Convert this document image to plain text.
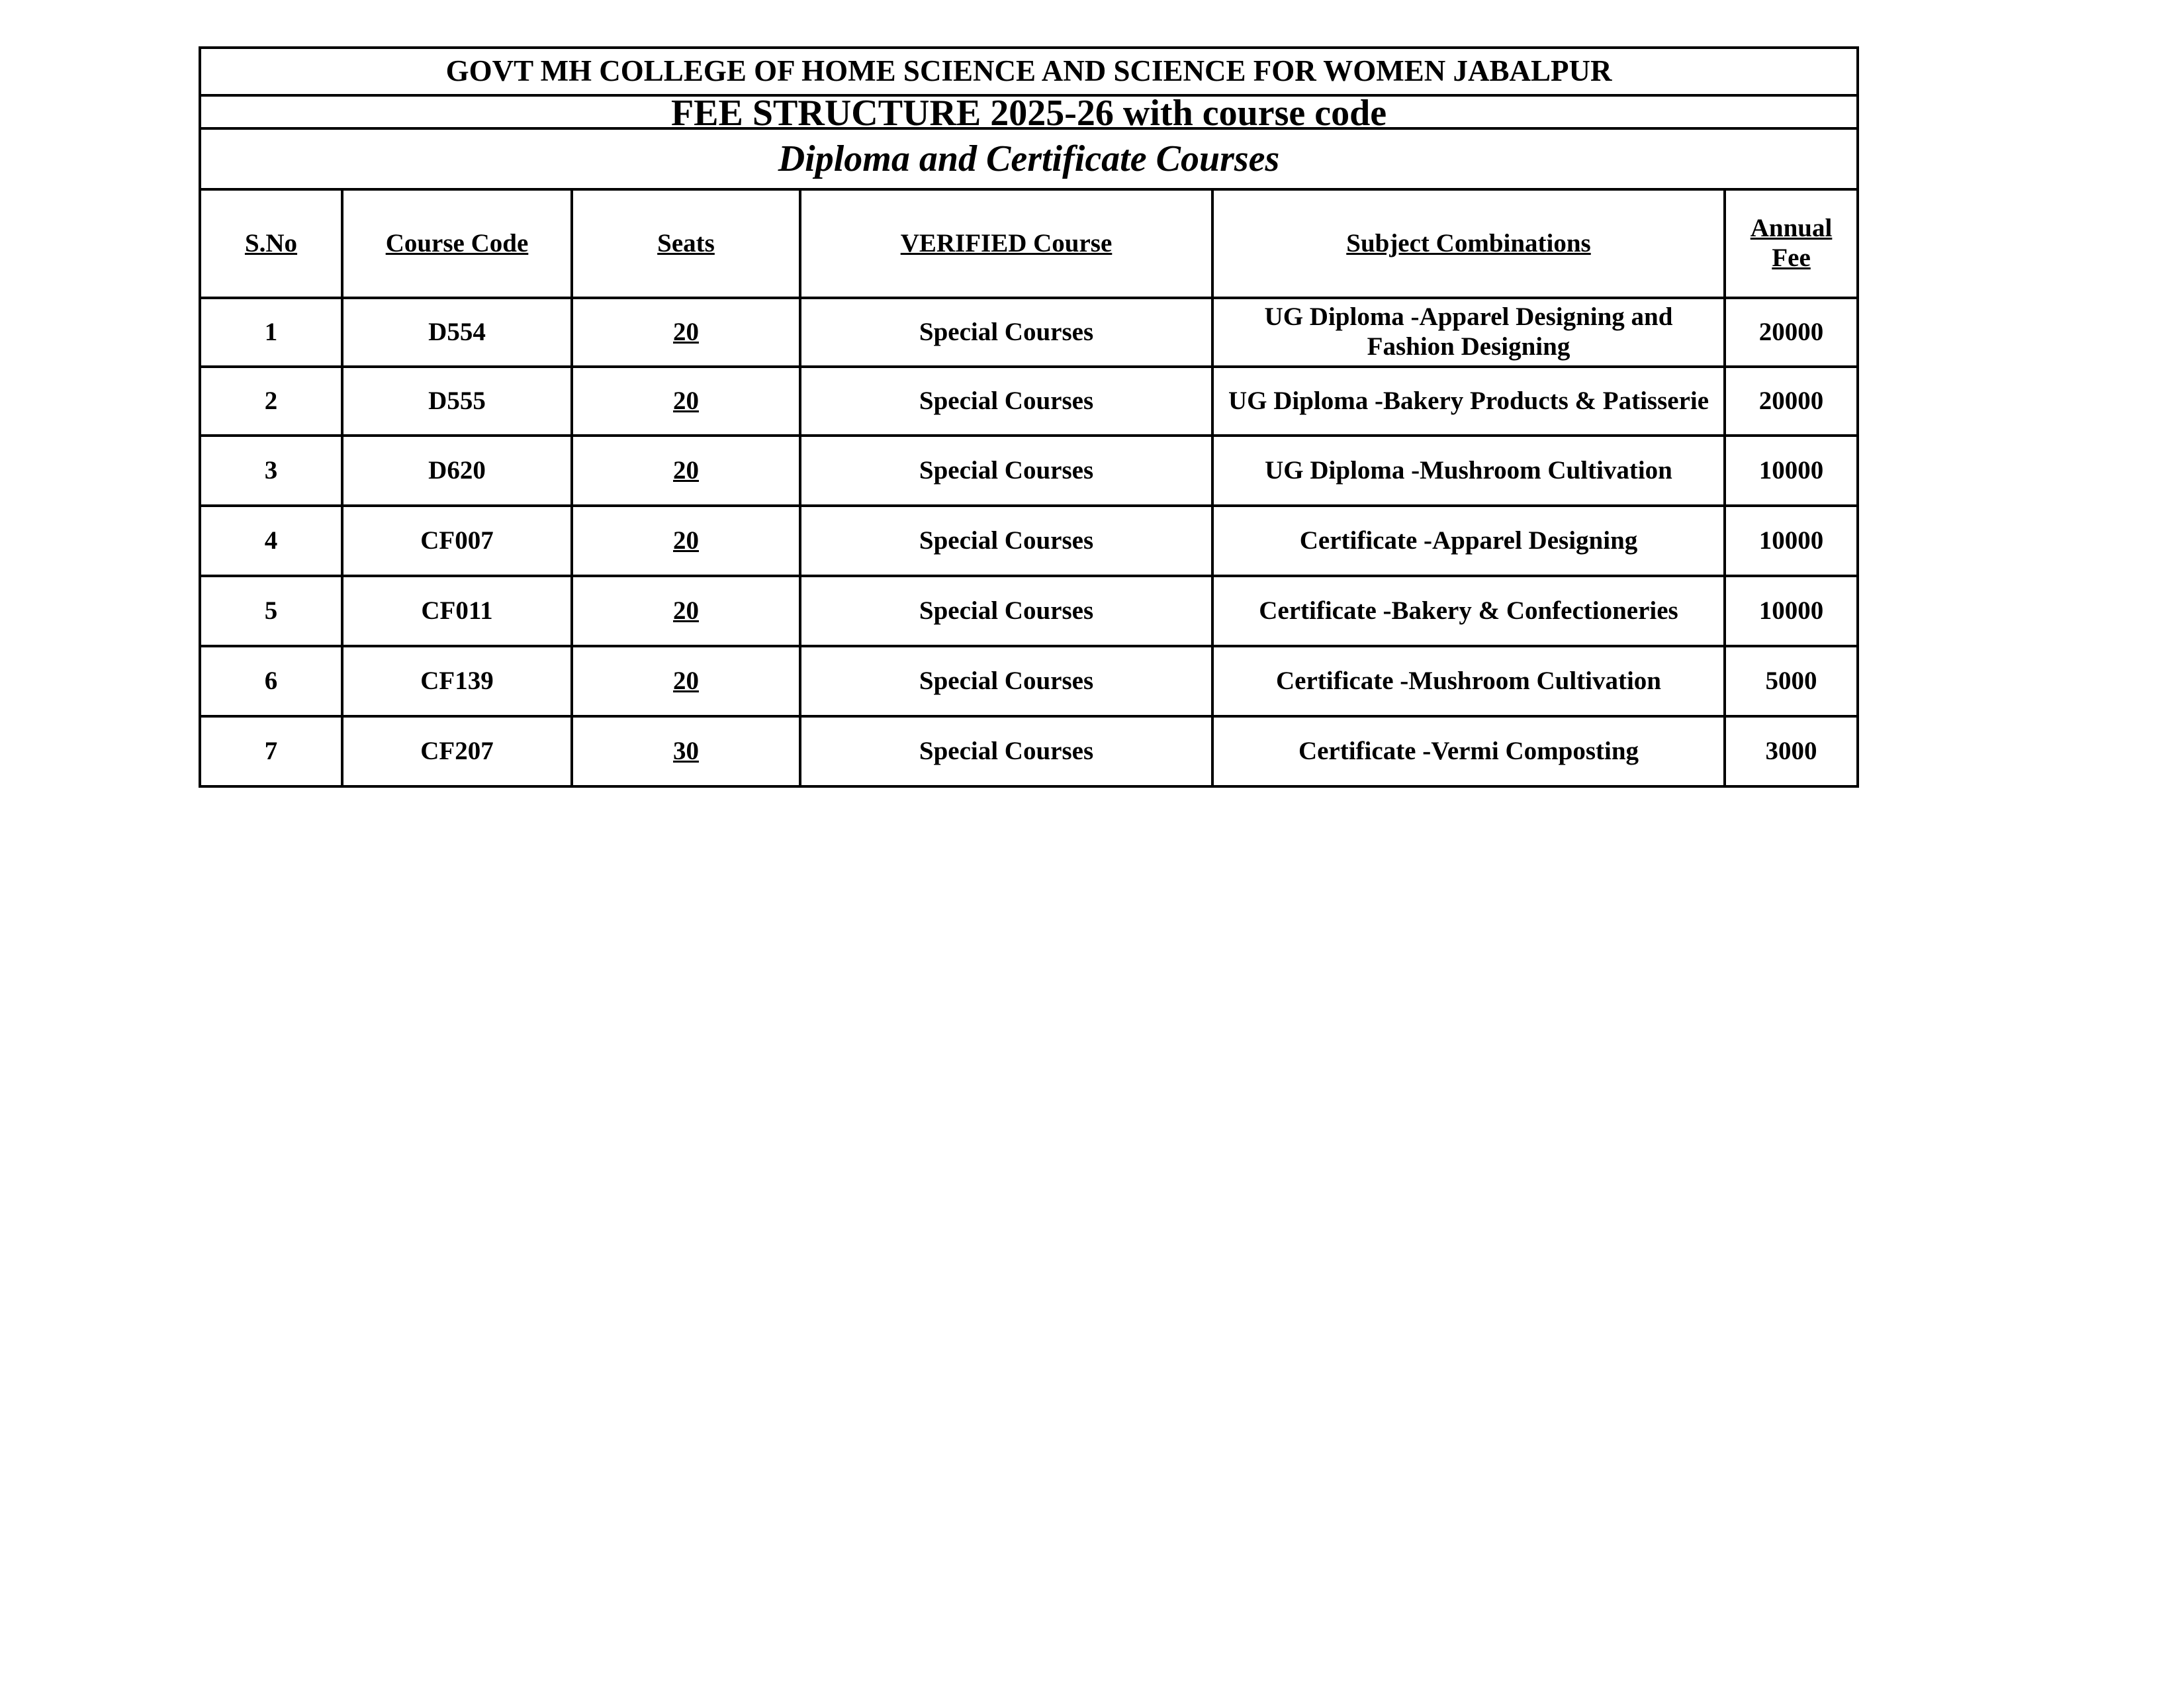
GOVT MH COLLEGE OF HOME SCIENCE AND SCIENCE FOR WOMEN JABALPUR					
FEE STRUCTURE 2025-26 with course code					
Diploma and Certificate Courses					
S.No	Course Code	Seats	VERIFIED Course	Subject Combinations	Annual Fee
1	D554	20	Special Courses	UG Diploma -Apparel Designing and Fashion Designing	20000
2	D555	20	Special Courses	UG Diploma -Bakery Products & Patisserie	20000
3	D620	20	Special Courses	UG Diploma -Mushroom Cultivation	10000
4	CF007	20	Special Courses	Certificate -Apparel Designing	10000
5	CF011	20	Special Courses	Certificate -Bakery & Confectioneries	10000
6	CF139	20	Special Courses	Certificate -Mushroom Cultivation	5000
7	CF207	30	Special Courses	Certificate -Vermi Composting	3000
